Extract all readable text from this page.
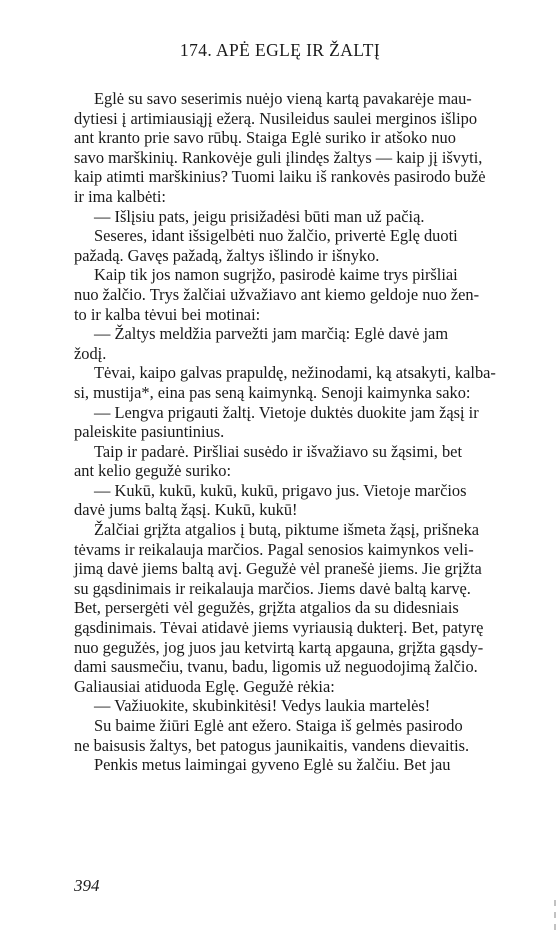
174. APĖ EGLĘ IR ŽALTĮ

Eglė su savo seserimis nuėjo vieną kartą pavakarėje mau-
dytiesi į artimiausiąjį ežerą. Nusileidus saulei merginos išlipo
ant kranto prie savo rūbų. Staiga Eglė suriko ir atšoko nuo
savo marškinių. Rankovėje guli įlindęs žaltys — kaip jį išvyti,
kaip atimti marškinius? Tuomi laiku iš rankovės pasirodo bužė
ir ima kalbėti:

— Išlįsiu pats, jeigu prisižadėsi būti man už pačią.

Seseres, idant išsigelbėti nuo žalčio, privertė Eglę duoti
pažadą. Gavęs pažadą, žaltys išlindo ir išnyko.

Kaip tik jos namon sugrįžo, pasirodė kaime trys piršliai
nuo žalčio. Trys žalčiai užvažiavo ant kiemo geldoje nuo žen-
to ir kalba tėvui bei motinai:

— Žaltys meldžia parvežti jam marčią: Eglė davė jam
žodį.

Tėvai, kaipo galvas prapuldę, nežinodami, ką atsakyti, kalba-
si, mustija*, eina pas seną kaimynką. Senoji kaimynka sako:

— Lengva prigauti žaltį. Vietoje duktės duokite jam žąsį ir
paleiskite pasiuntinius.

Taip ir padarė. Piršliai susėdo ir išvažiavo su žąsimi, bet
ant kelio gegužė suriko:

— Kukū, kukū, kukū, kukū, prigavo jus. Vietoje marčios
davė jums baltą žąsį. Kukū, kukū!

Žalčiai grįžta atgalios į butą, piktume išmeta žąsį, prišneka
tėvams ir reikalauja marčios. Pagal senosios kaimynkos veli-
jimą davė jiems baltą avį. Gegužė vėl pranešė jiems. Jie grįžta
su gąsdinimais ir reikalauja marčios. Jiems davė baltą karvę.
Bet, persergėti vėl gegužės, grįžta atgalios da su didesniais
gąsdinimais. Tėvai atidavė jiems vyriausią dukterį. Bet, patyrę
nuo gegužės, jog juos jau ketvirtą kartą apgauna, grįžta gąsdy-
dami sausmečiu, tvanu, badu, ligomis už neguodojimą žalčio.
Galiausiai atiduoda Eglę. Gegužė rėkia:

— Važiuokite, skubinkitėsi! Vedys laukia martelės!

Su baime žiūri Eglė ant ežero. Staiga iš gelmės pasirodo
ne baisusis žaltys, bet patogus jaunikaitis, vandens dievaitis.

Penkis metus laimingai gyveno Eglė su žalčiu. Bet jau

394
